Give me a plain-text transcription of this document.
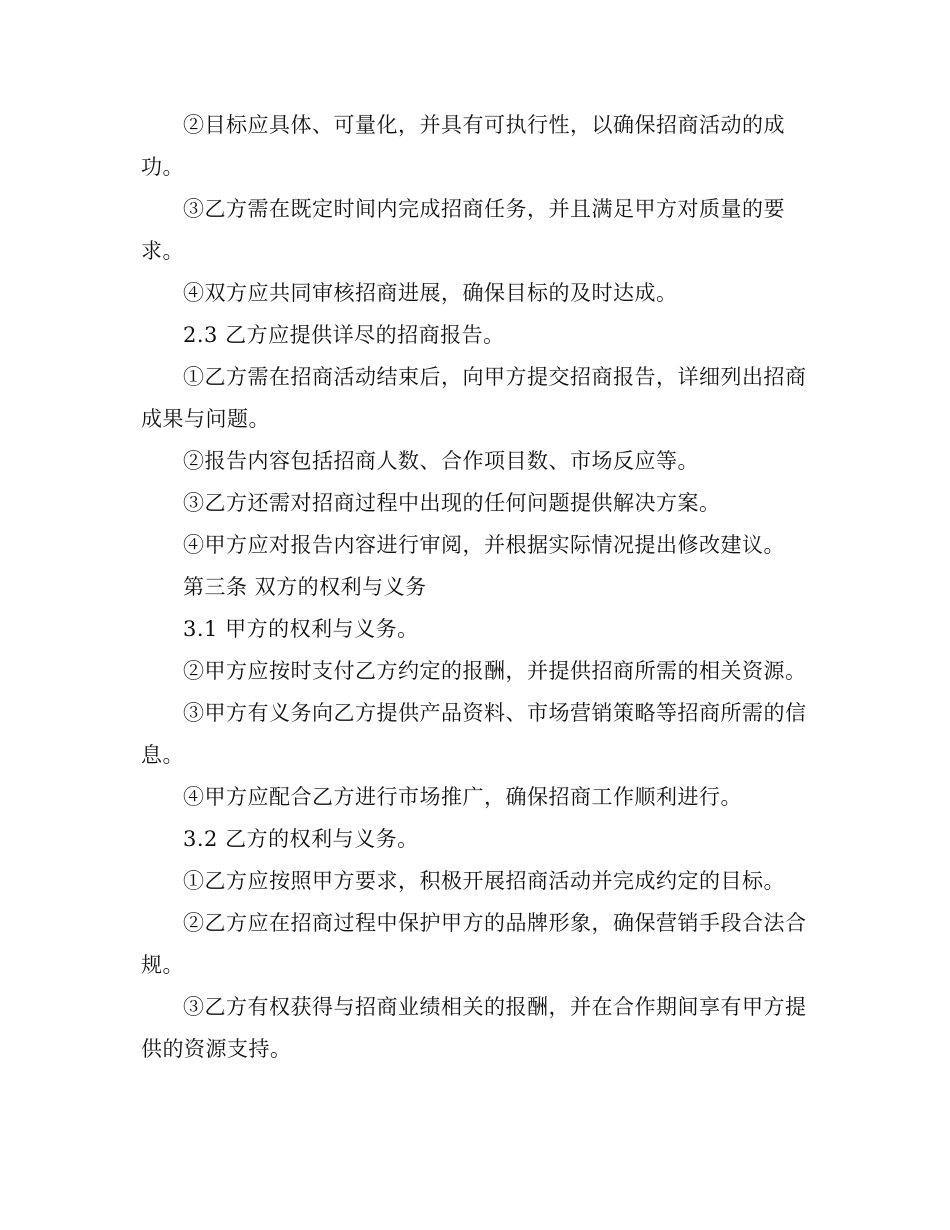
②目标应具体、可量化，并具有可执行性，以确保招商活动的成功。

③乙方需在既定时间内完成招商任务，并且满足甲方对质量的要求。

④双方应共同审核招商进展，确保目标的及时达成。

2.3 乙方应提供详尽的招商报告。

①乙方需在招商活动结束后，向甲方提交招商报告，详细列出招商成果与问题。

②报告内容包括招商人数、合作项目数、市场反应等。

③乙方还需对招商过程中出现的任何问题提供解决方案。

④甲方应对报告内容进行审阅，并根据实际情况提出修改建议。

第三条 双方的权利与义务

3.1 甲方的权利与义务。

②甲方应按时支付乙方约定的报酬，并提供招商所需的相关资源。

③甲方有义务向乙方提供产品资料、市场营销策略等招商所需的信息。

④甲方应配合乙方进行市场推广，确保招商工作顺利进行。

3.2 乙方的权利与义务。

①乙方应按照甲方要求，积极开展招商活动并完成约定的目标。

②乙方应在招商过程中保护甲方的品牌形象，确保营销手段合法合规。

③乙方有权获得与招商业绩相关的报酬，并在合作期间享有甲方提供的资源支持。
